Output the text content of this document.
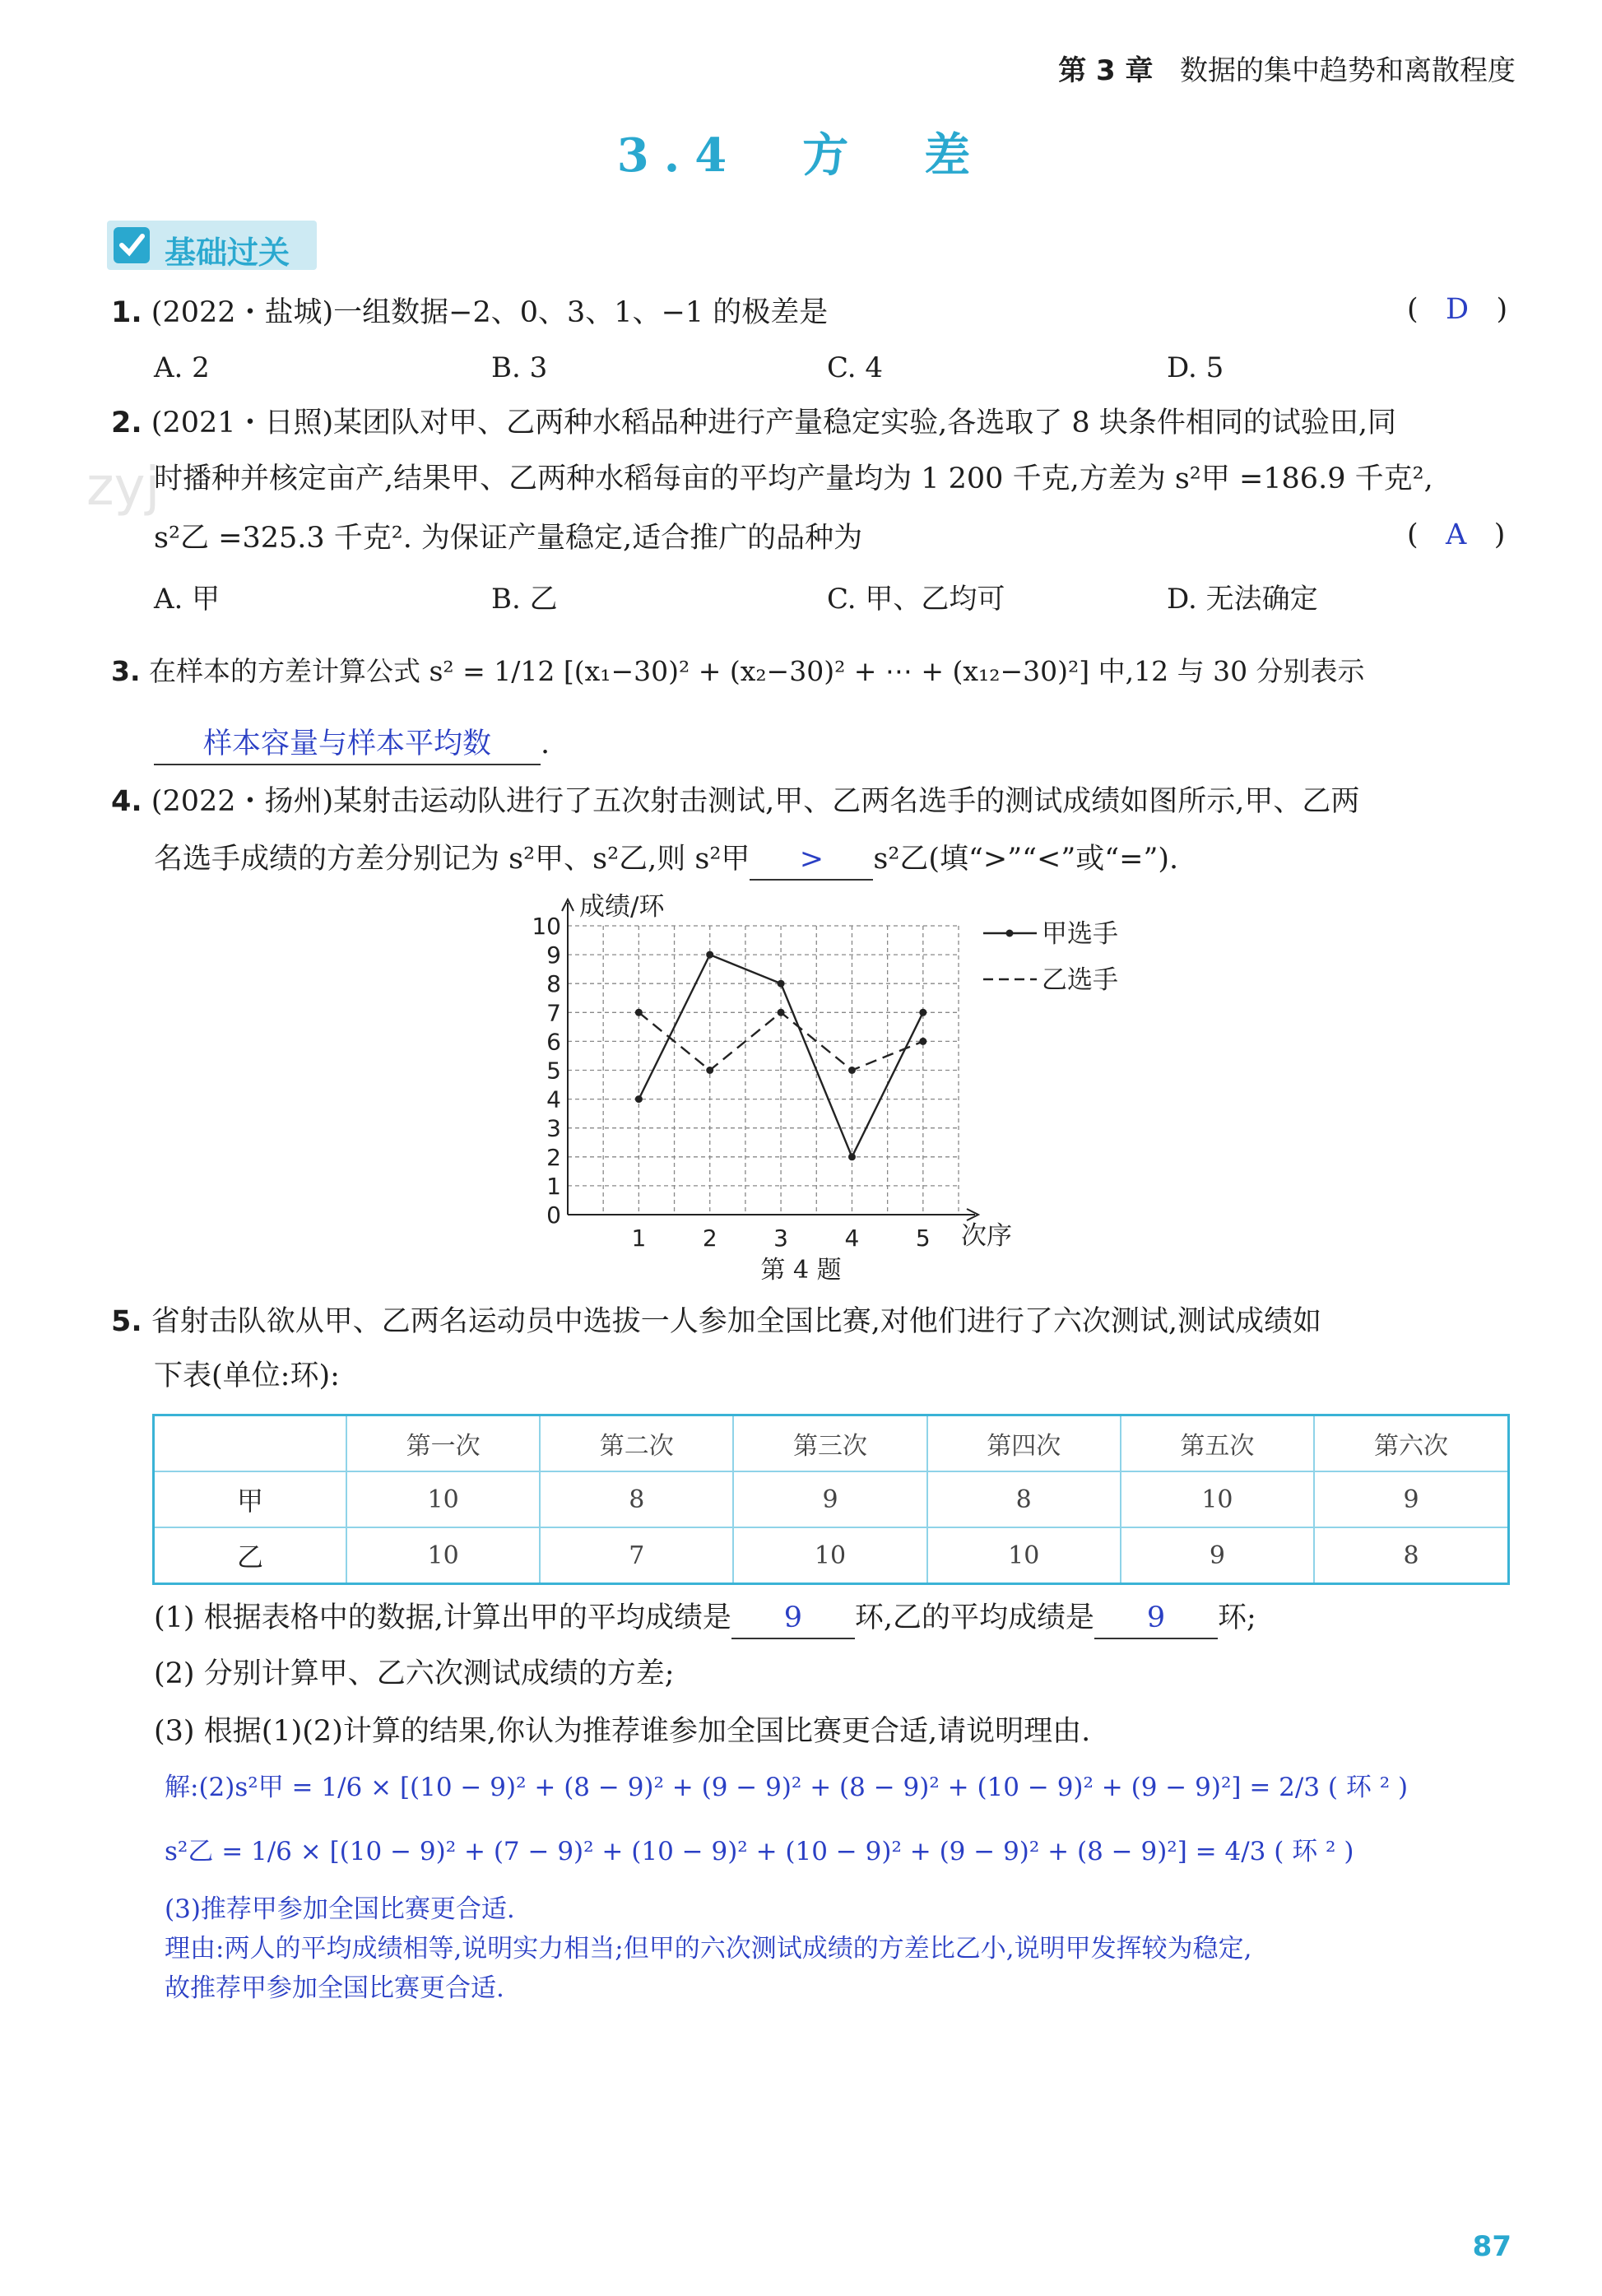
第 3 章 数据的集中趋势和离散程度
3.4　方　差
基础过关
zyj
1. (2022・盐城)一组数据−2、0、3、1、−1 的极差是	(   D   )
A. 2	B. 3	C. 4	D. 5
2. (2021・日照)某团队对甲、乙两种水稻品种进行产量稳定实验,各选取了 8 块条件相同的试验田,同
时播种并核定亩产,结果甲、乙两种水稻每亩的平均产量均为 1 200 千克,方差为 s²甲 =186.9 千克²,
s²乙 =325.3 千克². 为保证产量稳定,适合推广的品种为	(   A   )
A. 甲	B. 乙	C. 甲、乙均可	D. 无法确定
3. 在样本的方差计算公式 s² = 1/12 [(x₁−30)² + (x₂−30)² + ⋯ + (x₁₂−30)²] 中,12 与 30 分别表示
样本容量与样本平均数 .
4. (2022・扬州)某射击运动队进行了五次射击测试,甲、乙两名选手的测试成绩如图所示,甲、乙两
名选手成绩的方差分别记为 s²甲、s²乙,则 s²甲 > s²乙(填“>”“<”或“=”).
0
1
2
3
4
5
6
7
8
9
10
1 2 3 4 5
甲选手
乙选手
成绩/环
次序
第 4 题
5. 省射击队欲从甲、乙两名运动员中选拔一人参加全国比赛,对他们进行了六次测试,测试成绩如
下表(单位:环):
	第一次	第二次	第三次	第四次	第五次	第六次
甲	10	8	9	8	10	9
乙	10	7	10	10	9	8
(1) 根据表格中的数据,计算出甲的平均成绩是 9 环,乙的平均成绩是 9 环;
(2) 分别计算甲、乙六次测试成绩的方差;
(3) 根据(1)(2)计算的结果,你认为推荐谁参加全国比赛更合适,请说明理由.
解:(2)s²甲 = 1/6 × [(10 − 9)² + (8 − 9)² + (9 − 9)² + (8 − 9)² + (10 − 9)² + (9 − 9)²] = 2/3 ( 环 ² )
s²乙 = 1/6 × [(10 − 9)² + (7 − 9)² + (10 − 9)² + (10 − 9)² + (9 − 9)² + (8 − 9)²] = 4/3 ( 环 ² )
(3)推荐甲参加全国比赛更合适.
理由:两人的平均成绩相等,说明实力相当;但甲的六次测试成绩的方差比乙小,说明甲发挥较为稳定,
故推荐甲参加全国比赛更合适.
87
